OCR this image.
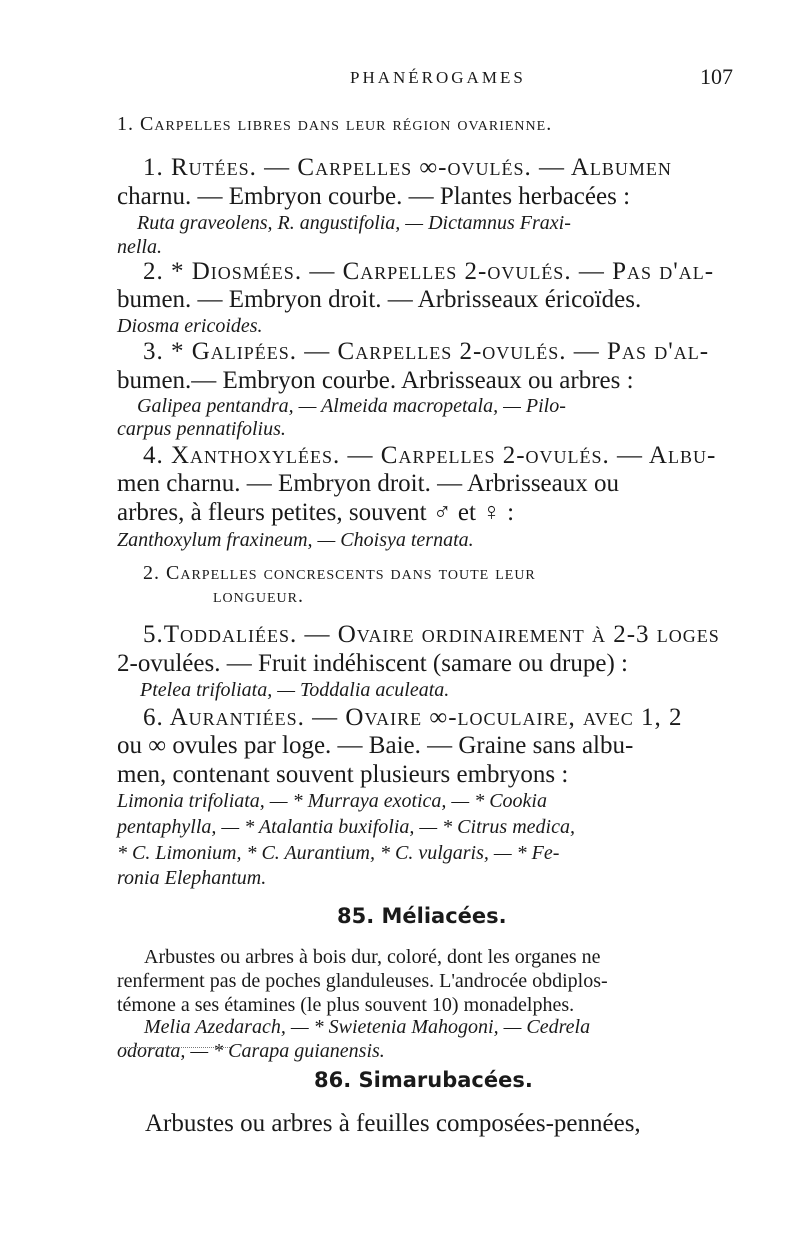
PHANÉROGAMES	107
1. Carpelles libres dans leur région ovarienne.
1. Rutées. — Carpelles ∞-ovulés. — Albumen
charnu. — Embryon courbe. — Plantes herbacées :
Ruta graveolens, R. angustifolia, — Dictamnus Fraxi-
nella.
2. * Diosmées. — Carpelles 2-ovulés. — Pas d'al-
bumen. — Embryon droit. — Arbrisseaux éricoïdes.
Diosma ericoides.
3. * Galipées. — Carpelles 2-ovulés. — Pas d'al-
bumen.— Embryon courbe. Arbrisseaux ou arbres :
Galipea pentandra, — Almeida macropetala, — Pilo-
carpus pennatifolius.
4. Xanthoxylées. — Carpelles 2-ovulés. — Albu-
men charnu. — Embryon droit. — Arbrisseaux ou
arbres, à fleurs petites, souvent ♂ et ♀ :
Zanthoxylum fraxineum, — Choisya ternata.
2. Carpelles concrescents dans toute leur
longueur.
5.Toddaliées. — Ovaire ordinairement à 2-3 loges
2-ovulées. — Fruit indéhiscent (samare ou drupe) :
Ptelea trifoliata, — Toddalia aculeata.
6. Aurantiées. — Ovaire ∞-loculaire, avec 1, 2
ou ∞ ovules par loge. — Baie. — Graine sans albu-
men, contenant souvent plusieurs embryons :
Limonia trifoliata, — * Murraya exotica, — * Cookia
pentaphylla, — * Atalantia buxifolia, — * Citrus medica,
* C. Limonium, * C. Aurantium, * C. vulgaris, — * Fe-
ronia Elephantum.
85. Méliacées.
Arbustes ou arbres à bois dur, coloré, dont les organes ne
renferment pas de poches glanduleuses. L'androcée obdiplos-
témone a ses étamines (le plus souvent 10) monadelphes.
Melia Azedarach, — * Swietenia Mahogoni, — Cedrela
odorata, — * Carapa guianensis.
86. Simarubacées.
Arbustes ou arbres à feuilles composées-pennées,
